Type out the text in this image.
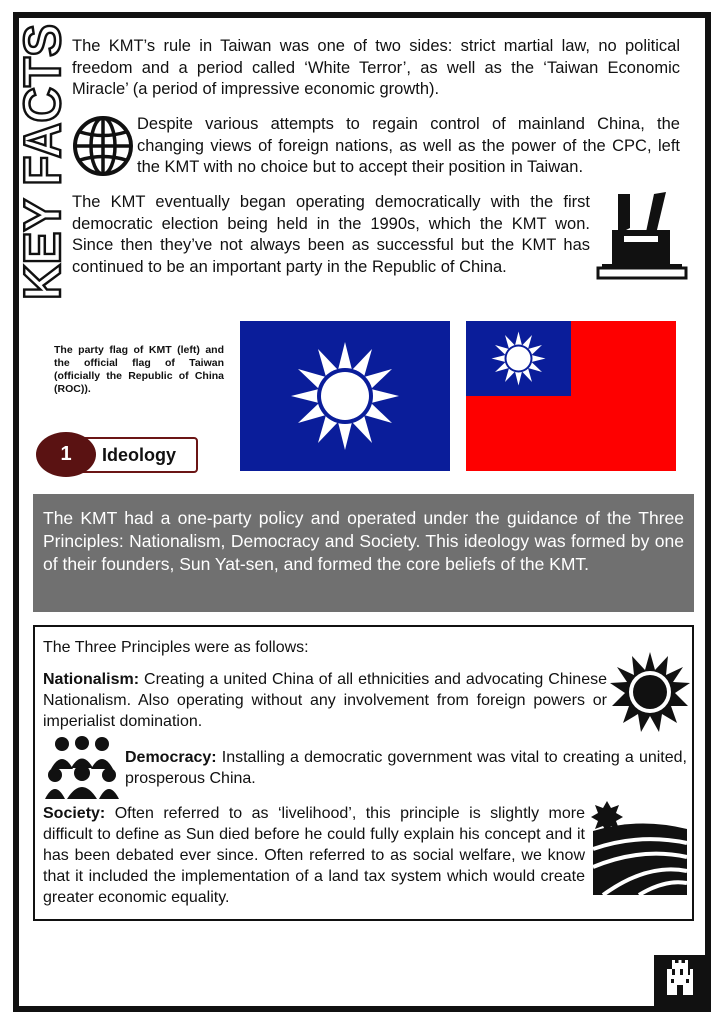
KEY FACTS The KMT’s rule in Taiwan was one of two sides: strict martial law, no political freedom and a period called ‘White Terror’, as well as the ‘Taiwan Economic Miracle’ (a period of impressive economic growth).
Despite various attempts to regain control of mainland China, the changing views of foreign nations, as well as the power of the CPC, left the KMT with no choice but to accept their position in Taiwan.
The KMT eventually began operating democratically with the first democratic election being held in the 1990s, which the KMT won. Since then they’ve not always been as successful but the KMT has continued to be an important party in the Republic of China.
The party flag of KMT (left) and the official flag of Taiwan (officially the Republic of China (ROC)).
1	Ideology
The KMT had a one-party policy and operated under the guidance of the Three Principles: Nationalism, Democracy and Society. This ideology was formed by one of their founders, Sun Yat-sen, and formed the core beliefs of the KMT.
The Three Principles were as follows:
Nationalism: Creating a united China of all ethnicities and advocating Chinese Nationalism. Also operating without any involvement from foreign powers or imperialist domination.
Democracy: Installing a democratic government was vital to creating a united, prosperous China.
Society: Often referred to as ‘livelihood’, this principle is slightly more difficult to define as Sun died before he could fully explain his concept and it has been debated ever since. Often referred to as social welfare, we know that it included the implementation of a land tax system which would create greater economic equality.
